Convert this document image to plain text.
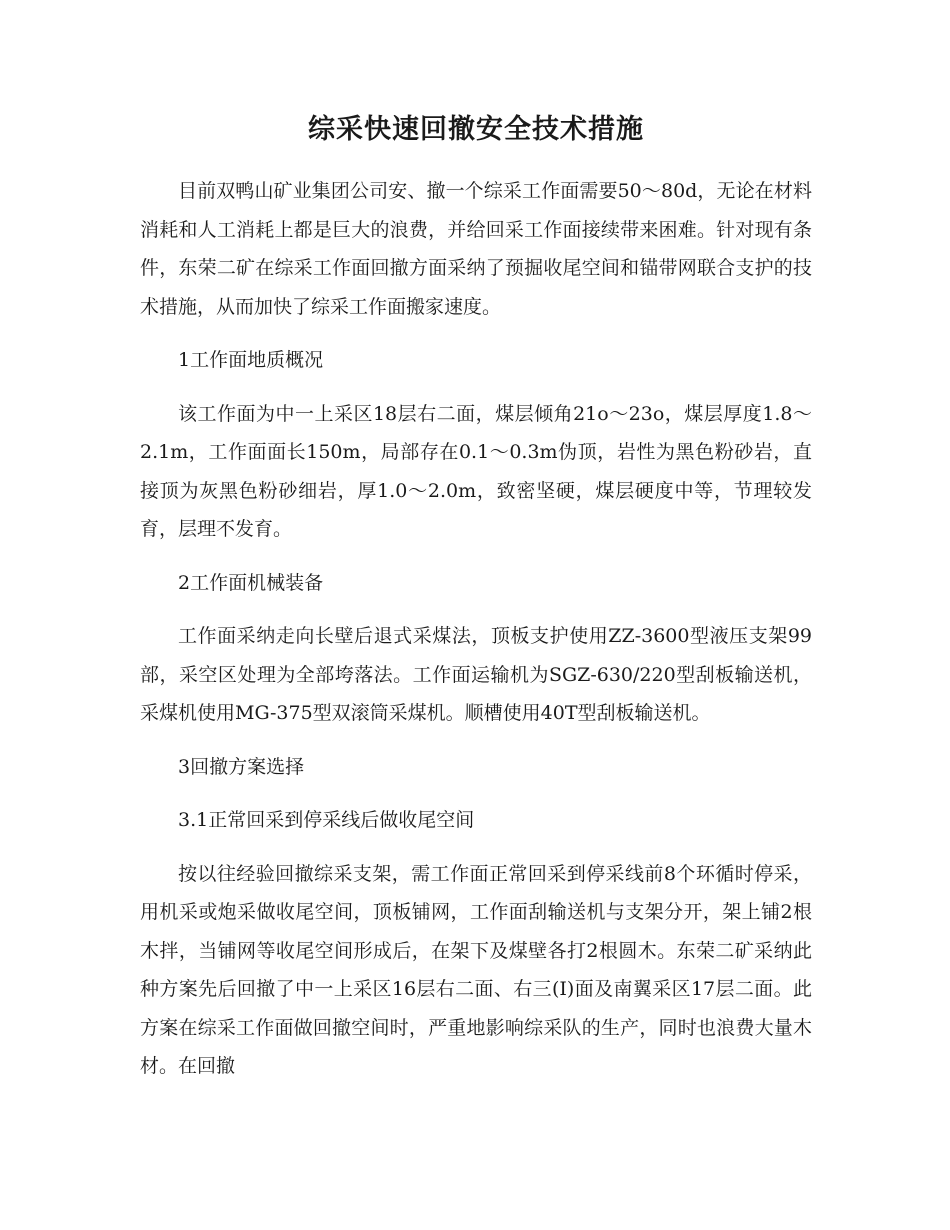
综采快速回撤安全技术措施

目前双鸭山矿业集团公司安、撤一个综采工作面需要50～80d，无论在材料消耗和人工消耗上都是巨大的浪费，并给回采工作面接续带来困难。针对现有条件，东荣二矿在综采工作面回撤方面采纳了预掘收尾空间和锚带网联合支护的技术措施，从而加快了综采工作面搬家速度。

1工作面地质概况

该工作面为中一上采区18层右二面，煤层倾角21o～23o，煤层厚度1.8～2.1m，工作面面长150m，局部存在0.1～0.3m伪顶，岩性为黑色粉砂岩，直接顶为灰黑色粉砂细岩，厚1.0～2.0m，致密坚硬，煤层硬度中等，节理较发育，层理不发育。

2工作面机械装备

工作面采纳走向长壁后退式采煤法，顶板支护使用ZZ-3600型液压支架99部，采空区处理为全部垮落法。工作面运输机为SGZ-630/220型刮板输送机，采煤机使用MG-375型双滚筒采煤机。顺槽使用40T型刮板输送机。

3回撤方案选择

3.1正常回采到停采线后做收尾空间

按以往经验回撤综采支架，需工作面正常回采到停采线前8个环循时停采，用机采或炮采做收尾空间，顶板铺网，工作面刮输送机与支架分开，架上铺2根木拌，当铺网等收尾空间形成后，在架下及煤壁各打2根圆木。东荣二矿采纳此种方案先后回撤了中一上采区16层右二面、右三(I)面及南翼采区17层二面。此方案在综采工作面做回撤空间时，严重地影响综采队的生产，同时也浪费大量木材。在回撤
